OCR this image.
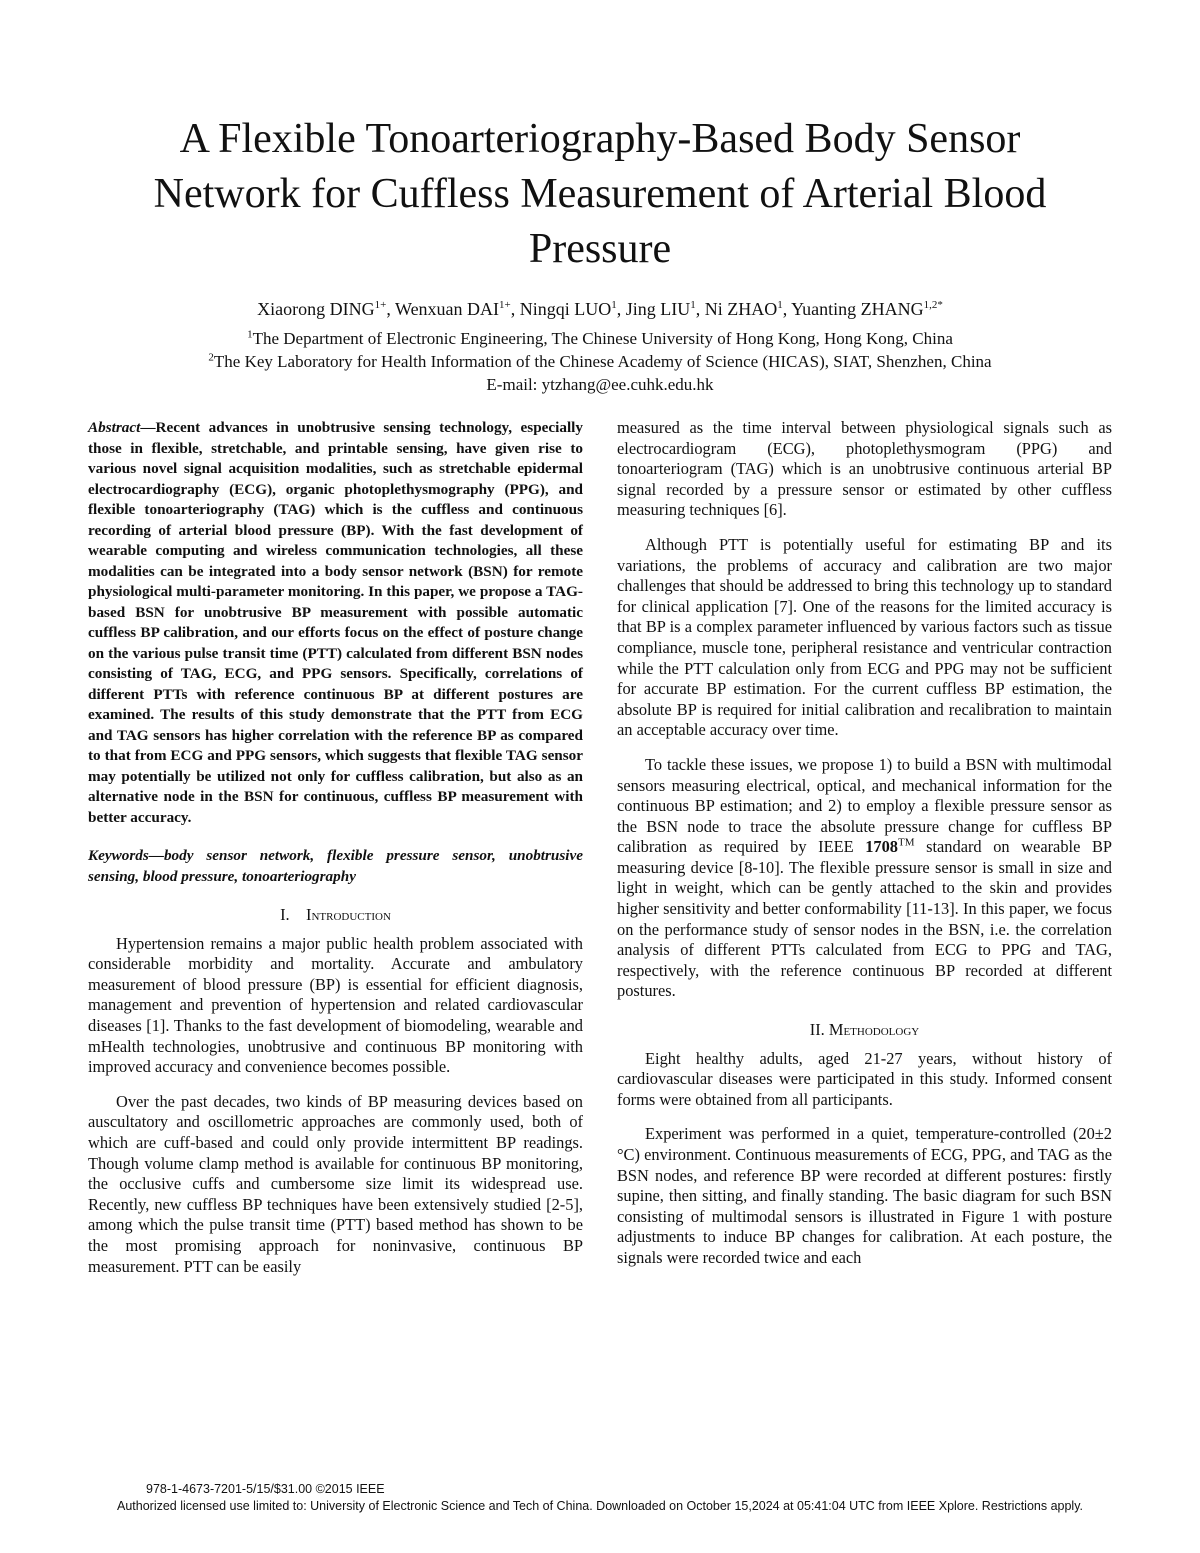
A Flexible Tonoarteriography-Based Body Sensor
Network for Cuffless Measurement of Arterial Blood
Pressure
Xiaorong $DING^{1+}$, Wenxuan $DAI^{1+}$, Ningqi LUO$^1$, Jing LIU$^1$, Ni ZHAO$^1$, Yuanting $ZHANG^{1,2*}$
$^1$The Department of Electronic Engineering, The Chinese University of Hong Kong, Hong Kong, China
$^2$The Key Laboratory for Health Information of the Chinese Academy of Science (HICAS), SIAT, Shenzhen, China
E-mail: ytzhang@ee.cuhk.edu.hk

Abstract—Recent advances in unobtrusive sensing technology, especially those in flexible, stretchable, and printable sensing, have given rise to various novel signal acquisition modalities, such as stretchable epidermal electrocardiography (ECG), organic photoplethysmography (PPG), and flexible tonoarteriography (TAG) which is the cuffless and continuous recording of arterial blood pressure (BP). With the fast development of wearable computing and wireless communication technologies, all these modalities can be integrated into a body sensor network (BSN) for remote physiological multi-parameter monitoring. In this paper, we propose a TAG-based BSN for unobtrusive BP measurement with possible automatic cuffless BP calibration, and our efforts focus on the effect of posture change on the various pulse transit time (PTT) calculated from different BSN nodes consisting of TAG, ECG, and PPG sensors. Specifically, correlations of different PTTs with reference continuous BP at different postures are examined. The results of this study demonstrate that the PTT from ECG and TAG sensors has higher correlation with the reference BP as compared to that from ECG and PPG sensors, which suggests that flexible TAG sensor may potentially be utilized not only for cuffless calibration, but also as an alternative node in the BSN for continuous, cuffless BP measurement with better accuracy.

Keywords—body sensor network, flexible pressure sensor, unobtrusive sensing, blood pressure, tonoarteriography

I. Introduction

Hypertension remains a major public health problem associated with considerable morbidity and mortality. Accurate and ambulatory measurement of blood pressure (BP) is essential for efficient diagnosis, management and prevention of hypertension and related cardiovascular diseases [1]. Thanks to the fast development of biomodeling, wearable and mHealth technologies, unobtrusive and continuous BP monitoring with improved accuracy and convenience becomes possible.

Over the past decades, two kinds of BP measuring devices based on auscultatory and oscillometric approaches are commonly used, both of which are cuff-based and could only provide intermittent BP readings. Though volume clamp method is available for continuous BP monitoring, the occlusive cuffs and cumbersome size limit its widespread use. Recently, new cuffless BP techniques have been extensively studied [2-5], among which the pulse transit time (PTT) based method has shown to be the most promising approach for noninvasive, continuous BP measurement. PTT can be easily

measured as the time interval between physiological signals such as electrocardiogram (ECG), photoplethysmogram (PPG) and tonoarteriogram (TAG) which is an unobtrusive continuous arterial BP signal recorded by a pressure sensor or estimated by other cuffless measuring techniques [6].

Although PTT is potentially useful for estimating BP and its variations, the problems of accuracy and calibration are two major challenges that should be addressed to bring this technology up to standard for clinical application [7]. One of the reasons for the limited accuracy is that BP is a complex parameter influenced by various factors such as tissue compliance, muscle tone, peripheral resistance and ventricular contraction while the PTT calculation only from ECG and PPG may not be sufficient for accurate BP estimation. For the current cuffless BP estimation, the absolute BP is required for initial calibration and recalibration to maintain an acceptable accuracy over time.

To tackle these issues, we propose 1) to build a BSN with multimodal sensors measuring electrical, optical, and mechanical information for the continuous BP estimation; and 2) to employ a flexible pressure sensor as the BSN node to trace the absolute pressure change for cuffless BP calibration as required by IEEE 1708™ standard on wearable BP measuring device [8-10]. The flexible pressure sensor is small in size and light in weight, which can be gently attached to the skin and provides higher sensitivity and better conformability [11-13]. In this paper, we focus on the performance study of sensor nodes in the BSN, i.e. the correlation analysis of different PTTs calculated from ECG to PPG and TAG, respectively, with the reference continuous BP recorded at different postures.

II. Methodology

Eight healthy adults, aged 21-27 years, without history of cardiovascular diseases were participated in this study. Informed consent forms were obtained from all participants.

Experiment was performed in a quiet, temperature-controlled (20±2 °C) environment. Continuous measurements of ECG, PPG, and TAG as the BSN nodes, and reference BP were recorded at different postures: firstly supine, then sitting, and finally standing. The basic diagram for such BSN consisting of multimodal sensors is illustrated in Figure 1 with posture adjustments to induce BP changes for calibration. At each posture, the signals were recorded twice and each

978-1-4673-7201-5/15/$31.00 ©2015 IEEE
Authorized licensed use limited to: University of Electronic Science and Tech of China. Downloaded on October 15,2024 at 05:41:04 UTC from IEEE Xplore. Restrictions apply.
